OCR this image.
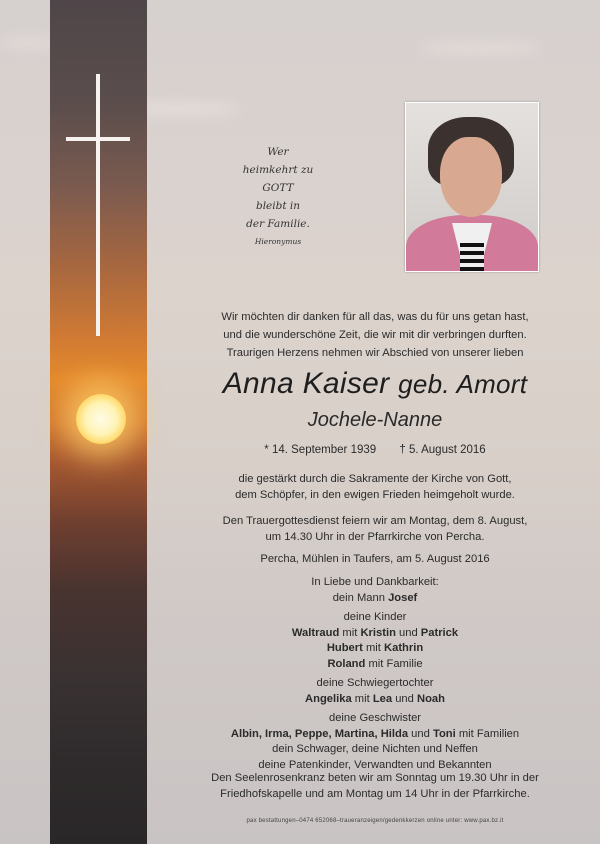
Wer
heimkehrt zu
GOTT
bleibt in
der Familie.
Hieronymus
Wir möchten dir danken für all das, was du für uns getan hast,
und die wunderschöne Zeit, die wir mit dir verbringen durften.
Traurigen Herzens nehmen wir Abschied von unserer lieben
Anna Kaiser geb. Amort
Jochele-Nanne
* 14. September 1939 † 5. August 2016
die gestärkt durch die Sakramente der Kirche von Gott,
dem Schöpfer, in den ewigen Frieden heimgeholt wurde.
Den Trauergottesdienst feiern wir am Montag, dem 8. August,
um 14.30 Uhr in der Pfarrkirche von Percha.
Percha, Mühlen in Taufers, am 5. August 2016
In Liebe und Dankbarkeit:
dein Mann Josef
deine Kinder
Waltraud mit Kristin und Patrick
Hubert mit Kathrin
Roland mit Familie
deine Schwiegertochter
Angelika mit Lea und Noah
deine Geschwister
Albin, Irma, Peppe, Martina, Hilda und Toni mit Familien
dein Schwager, deine Nichten und Neffen
deine Patenkinder, Verwandten und Bekannten
Den Seelenrosenkranz beten wir am Sonntag um 19.30 Uhr in der
Friedhofskapelle und am Montag um 14 Uhr in der Pfarrkirche.
pax bestattungen–0474 652068–traueranzeigen/gedenkkerzen online unter: www.pax.bz.it
